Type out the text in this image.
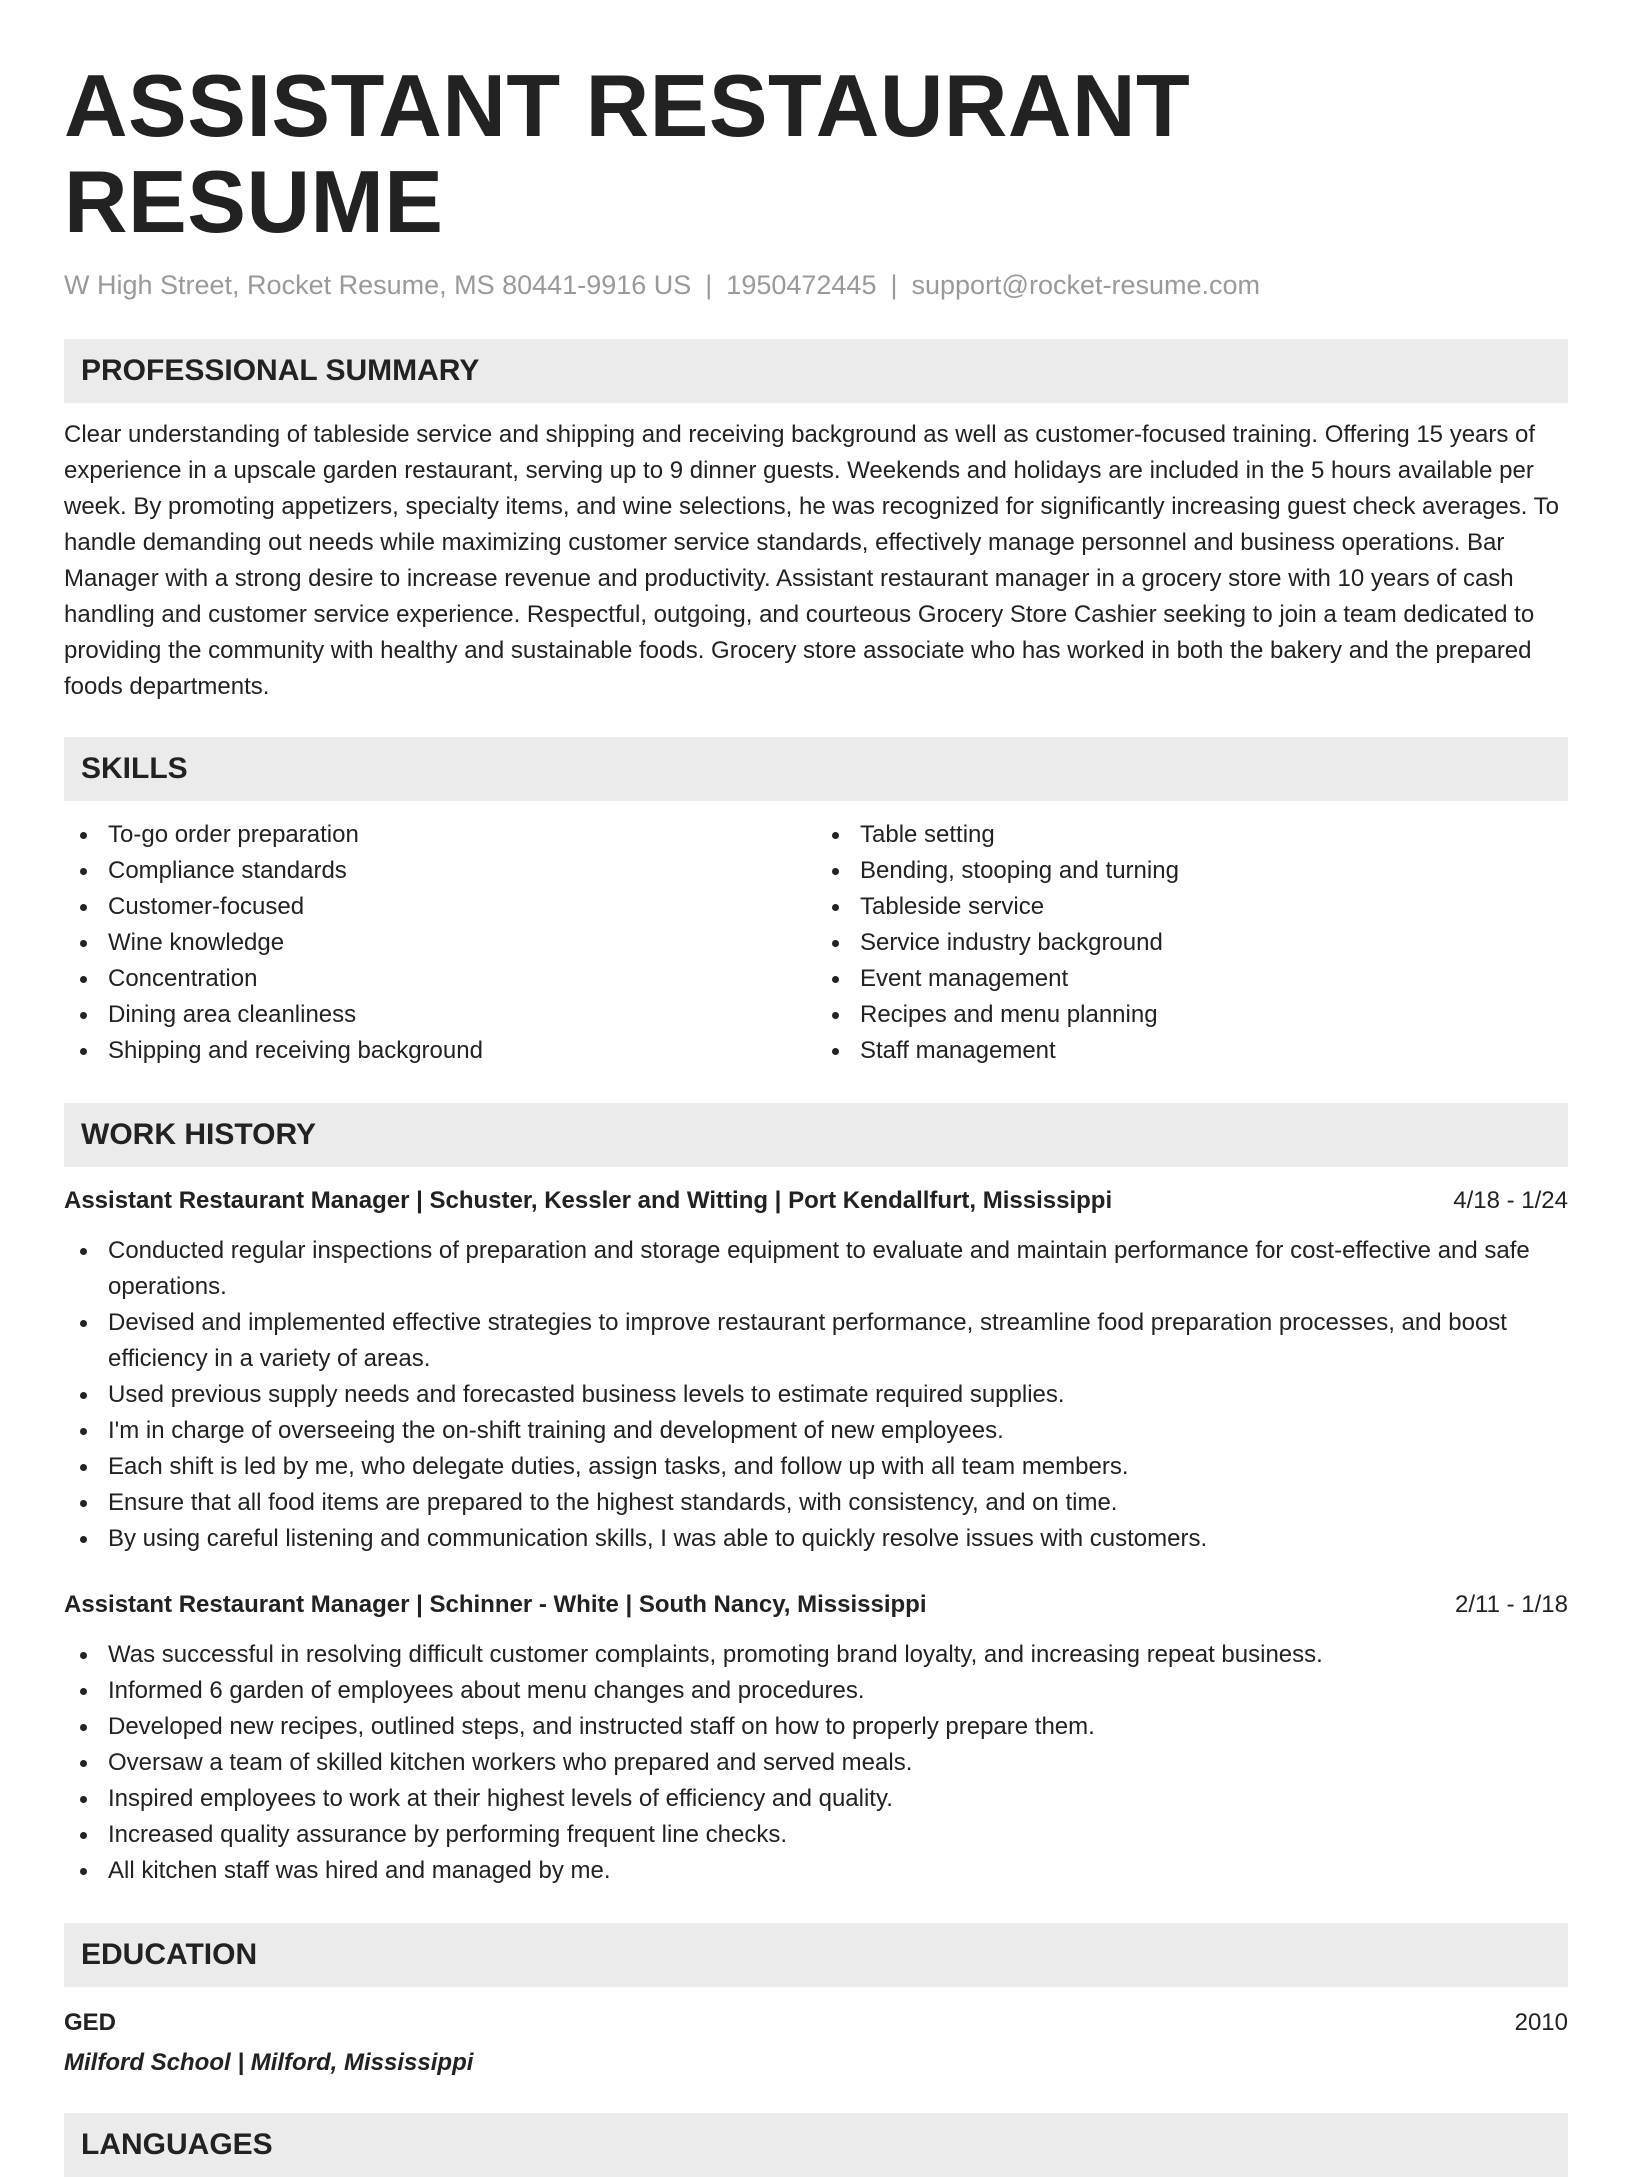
ASSISTANT RESTAURANT RESUME
W High Street, Rocket Resume, MS 80441-9916 US | 1950472445 | support@rocket-resume.com
PROFESSIONAL SUMMARY

Clear understanding of tableside service and shipping and receiving background as well as customer-focused training. Offering 15 years of experience in a upscale garden restaurant, serving up to 9 dinner guests. Weekends and holidays are included in the 5 hours available per week. By promoting appetizers, specialty items, and wine selections, he was recognized for significantly increasing guest check averages. To handle demanding out needs while maximizing customer service standards, effectively manage personnel and business operations. Bar Manager with a strong desire to increase revenue and productivity. Assistant restaurant manager in a grocery store with 10 years of cash handling and customer service experience. Respectful, outgoing, and courteous Grocery Store Cashier seeking to join a team dedicated to providing the community with healthy and sustainable foods. Grocery store associate who has worked in both the bakery and the prepared foods departments.

SKILLS
To-go order preparation
Compliance standards
Customer-focused
Wine knowledge
Concentration
Dining area cleanliness
Shipping and receiving background
Table setting
Bending, stooping and turning
Tableside service
Service industry background
Event management
Recipes and menu planning
Staff management
WORK HISTORY
Assistant Restaurant Manager | Schuster, Kessler and Witting | Port Kendallfurt, Mississippi	4/18 - 1/24
Conducted regular inspections of preparation and storage equipment to evaluate and maintain performance for cost-effective and safe operations.
Devised and implemented effective strategies to improve restaurant performance, streamline food preparation processes, and boost efficiency in a variety of areas.
Used previous supply needs and forecasted business levels to estimate required supplies.
I'm in charge of overseeing the on-shift training and development of new employees.
Each shift is led by me, who delegate duties, assign tasks, and follow up with all team members.
Ensure that all food items are prepared to the highest standards, with consistency, and on time.
By using careful listening and communication skills, I was able to quickly resolve issues with customers.
Assistant Restaurant Manager | Schinner - White | South Nancy, Mississippi	2/11 - 1/18
Was successful in resolving difficult customer complaints, promoting brand loyalty, and increasing repeat business.
Informed 6 garden of employees about menu changes and procedures.
Developed new recipes, outlined steps, and instructed staff on how to properly prepare them.
Oversaw a team of skilled kitchen workers who prepared and served meals.
Inspired employees to work at their highest levels of efficiency and quality.
Increased quality assurance by performing frequent line checks.
All kitchen staff was hired and managed by me.
EDUCATION
GED	2010
Milford School | Milford, Mississippi
LANGUAGES
